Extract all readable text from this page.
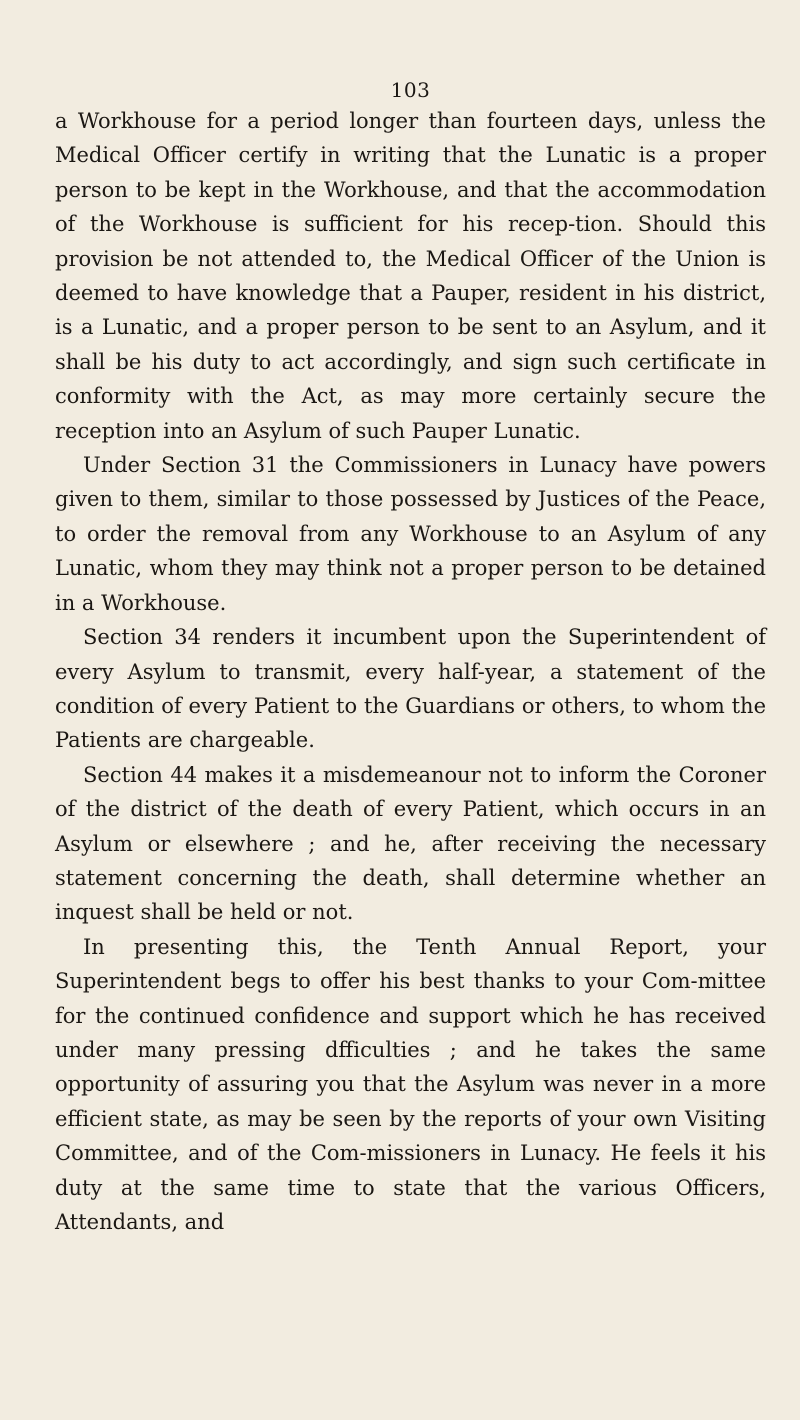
103

a Workhouse for a period longer than fourteen days, unless the Medical Officer certify in writing that the Lunatic is a proper person to be kept in the Workhouse, and that the accommodation of the Workhouse is sufficient for his recep-tion. Should this provision be not attended to, the Medical Officer of the Union is deemed to have knowledge that a Pauper, resident in his district, is a Lunatic, and a proper person to be sent to an Asylum, and it shall be his duty to act accordingly, and sign such certificate in conformity with the Act, as may more certainly secure the reception into an Asylum of such Pauper Lunatic.

Under Section 31 the Commissioners in Lunacy have powers given to them, similar to those possessed by Justices of the Peace, to order the removal from any Workhouse to an Asylum of any Lunatic, whom they may think not a proper person to be detained in a Workhouse.

Section 34 renders it incumbent upon the Superintendent of every Asylum to transmit, every half-year, a statement of the condition of every Patient to the Guardians or others, to whom the Patients are chargeable.

Section 44 makes it a misdemeanour not to inform the Coroner of the district of the death of every Patient, which occurs in an Asylum or elsewhere ; and he, after receiving the necessary statement concerning the death, shall determine whether an inquest shall be held or not.

In presenting this, the Tenth Annual Report, your Superintendent begs to offer his best thanks to your Com-mittee for the continued confidence and support which he has received under many pressing dfficulties ; and he takes the same opportunity of assuring you that the Asylum was never in a more efficient state, as may be seen by the reports of your own Visiting Committee, and of the Com-missioners in Lunacy. He feels it his duty at the same time to state that the various Officers, Attendants, and
